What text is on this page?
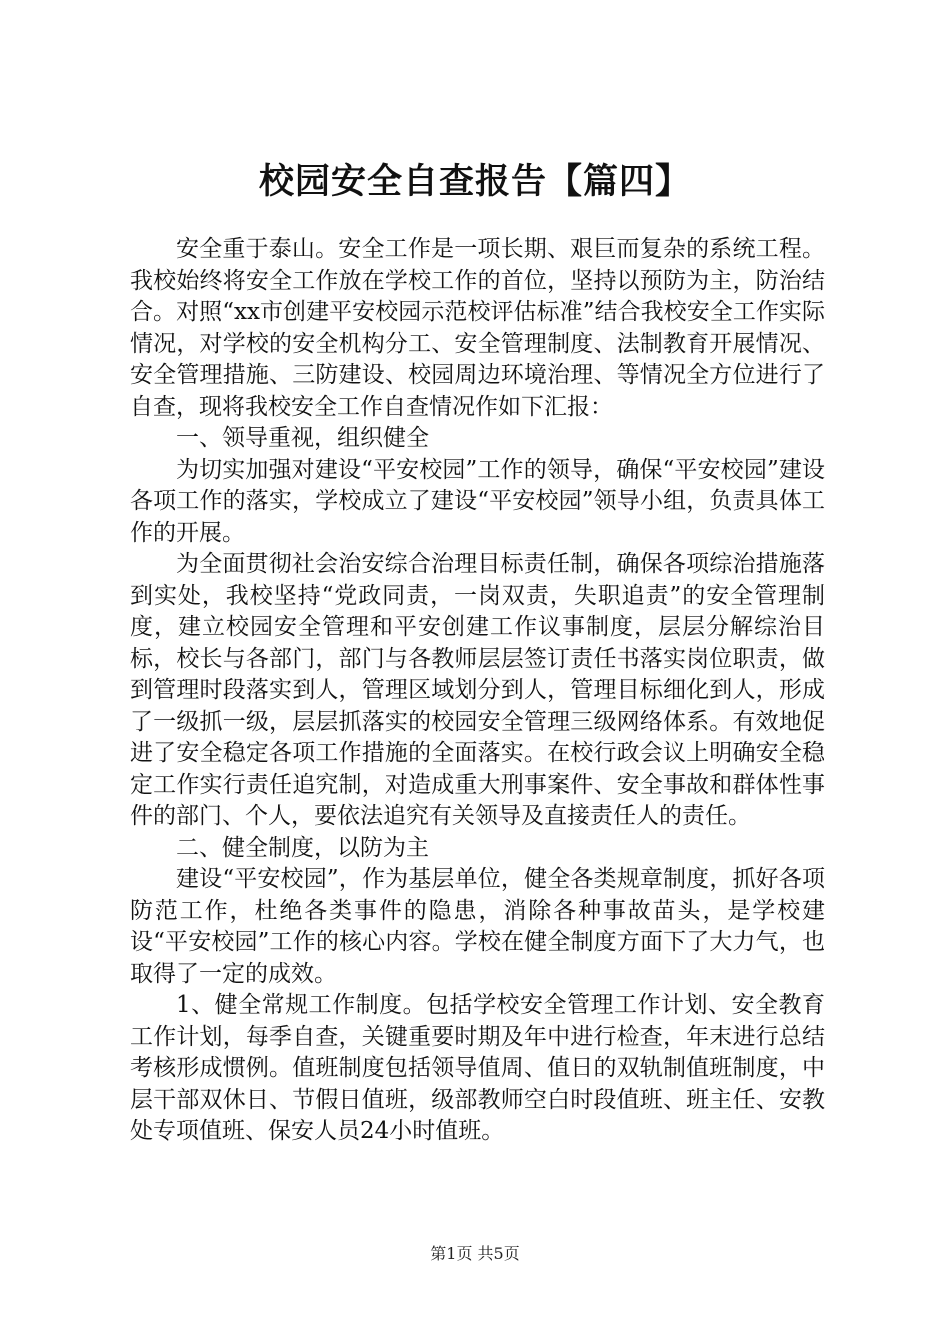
校园安全自查报告【篇四】

安全重于泰山。安全工作是一项长期、艰巨而复杂的系统工程。我校始终将安全工作放在学校工作的首位，坚持以预防为主，防治结合。对照“xx市创建平安校园示范校评估标准”结合我校安全工作实际情况，对学校的安全机构分工、安全管理制度、法制教育开展情况、安全管理措施、三防建设、校园周边环境治理、等情况全方位进行了自查，现将我校安全工作自查情况作如下汇报：

一、领导重视，组织健全

为切实加强对建设“平安校园”工作的领导，确保“平安校园”建设各项工作的落实，学校成立了建设“平安校园”领导小组，负责具体工作的开展。

为全面贯彻社会治安综合治理目标责任制，确保各项综治措施落到实处，我校坚持“党政同责，一岗双责，失职追责”的安全管理制度，建立校园安全管理和平安创建工作议事制度，层层分解综治目标，校长与各部门，部门与各教师层层签订责任书落实岗位职责，做到管理时段落实到人，管理区域划分到人，管理目标细化到人，形成了一级抓一级，层层抓落实的校园安全管理三级网络体系。有效地促进了安全稳定各项工作措施的全面落实。在校行政会议上明确安全稳定工作实行责任追究制，对造成重大刑事案件、安全事故和群体性事件的部门、个人，要依法追究有关领导及直接责任人的责任。

二、健全制度，以防为主

建设“平安校园”，作为基层单位，健全各类规章制度，抓好各项防范工作，杜绝各类事件的隐患，消除各种事故苗头，是学校建设“平安校园”工作的核心内容。学校在健全制度方面下了大力气，也取得了一定的成效。

1、健全常规工作制度。包括学校安全管理工作计划、安全教育工作计划，每季自查，关键重要时期及年中进行检查，年末进行总结考核形成惯例。值班制度包括领导值周、值日的双轨制值班制度，中层干部双休日、节假日值班，级部教师空白时段值班、班主任、安教处专项值班、保安人员24小时值班。

第1页 共5页
